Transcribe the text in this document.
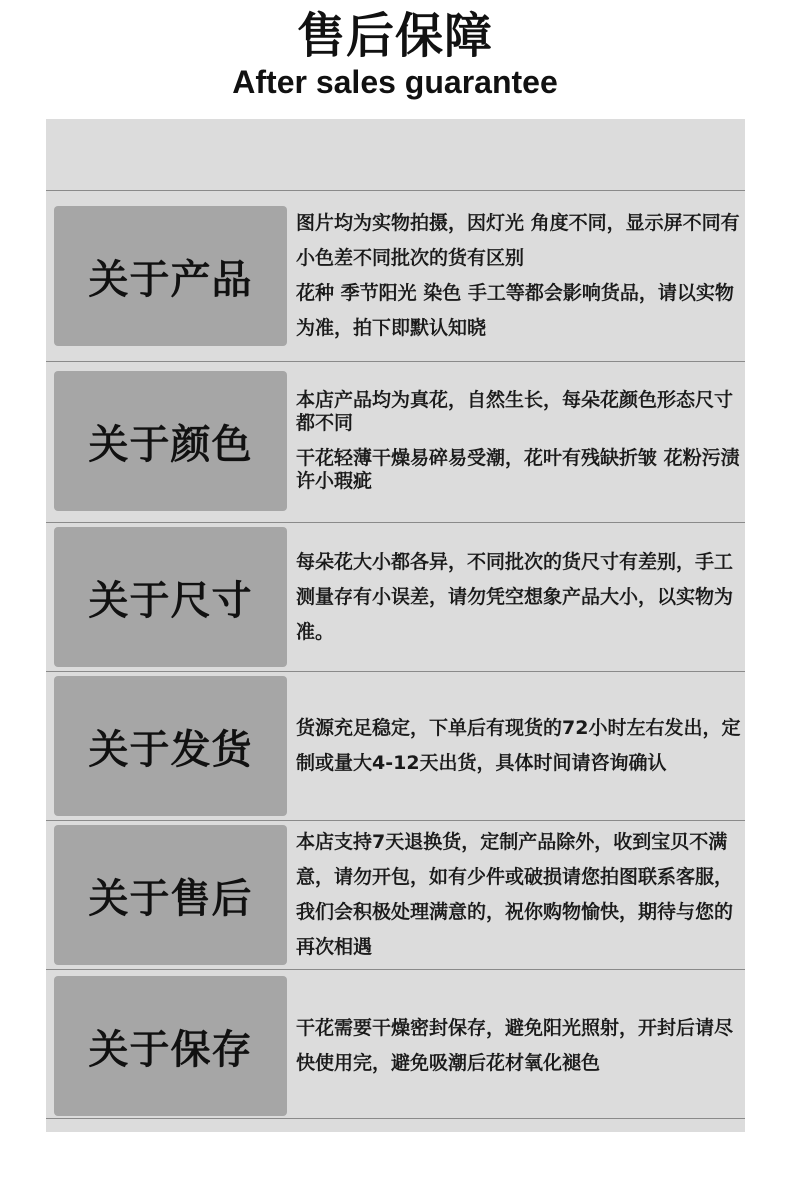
售后保障
After sales guarantee
关于产品

图片均为实物拍摄，因灯光 角度不同，显示屏不同有小色差不同批次的货有区别

花种 季节阳光 染色 手工等都会影响货品，请以实物为准，拍下即默认知晓

关于颜色

本店产品均为真花，自然生长，每朵花颜色形态尺寸都不同

干花轻薄干燥易碎易受潮，花叶有残缺折皱 花粉污渍许小瑕疵

关于尺寸

每朵花大小都各异，不同批次的货尺寸有差别，手工测量存有小误差，请勿凭空想象产品大小，以实物为准。

关于发货 货源充足稳定，下单后有现货的72小时左右发出，定制或量大4-12天出货，具体时间请咨询确认

关于售后

本店支持7天退换货，定制产品除外，收到宝贝不满意，请勿开包，如有少件或破损请您拍图联系客服，我们会积极处理满意的，祝你购物愉快，期待与您的再次相遇

关于保存 干花需要干燥密封保存，避免阳光照射，开封后请尽快使用完，避免吸潮后花材氧化褪色
